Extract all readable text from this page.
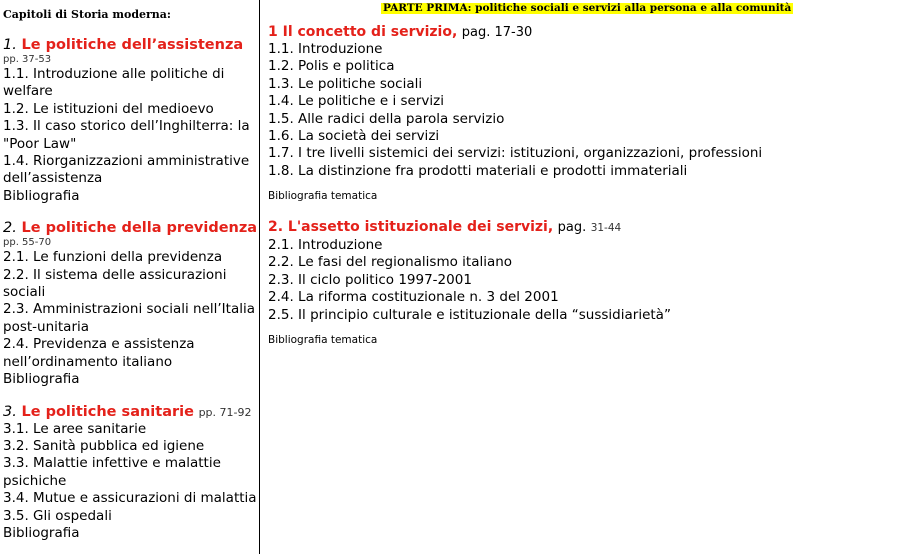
Capitoli di Storia moderna:
1. Le politiche dell’assistenza
pp. 37-53
1.1. Introduzione alle politiche di welfare
1.2. Le istituzioni del medioevo
1.3. Il caso storico dell’Inghilterra: la "Poor Law"
1.4. Riorganizzazioni amministrative dell’assistenza
Bibliografia
2. Le politiche della previdenza
pp. 55-70
2.1. Le funzioni della previdenza
2.2. Il sistema delle assicurazioni sociali
2.3. Amministrazioni sociali nell’Italia post-unitaria
2.4. Previdenza e assistenza nell’ordinamento italiano
Bibliografia
3. Le politiche sanitarie pp. 71-92
3.1. Le aree sanitarie
3.2. Sanità pubblica ed igiene
3.3. Malattie infettive e malattie psichiche
3.4. Mutue e assicurazioni di malattia
3.5. Gli ospedali
Bibliografia
PARTE PRIMA: politiche sociali e servizi alla persona e alla comunità
1 Il concetto di servizio, pag. 17-30
1.1. Introduzione
1.2. Polis e politica
1.3. Le politiche sociali
1.4. Le politiche e i servizi
1.5. Alle radici della parola servizio
1.6. La società dei servizi
1.7. I tre livelli sistemici dei servizi: istituzioni, organizzazioni, professioni
1.8. La distinzione fra prodotti materiali e prodotti immateriali
Bibliografia tematica
2. L'assetto istituzionale dei servizi, pag. 31-44
2.1. Introduzione
2.2. Le fasi del regionalismo italiano
2.3. Il ciclo politico 1997-2001
2.4. La riforma costituzionale n. 3 del 2001
2.5. Il principio culturale e istituzionale della “sussidiarietà”
Bibliografia tematica
